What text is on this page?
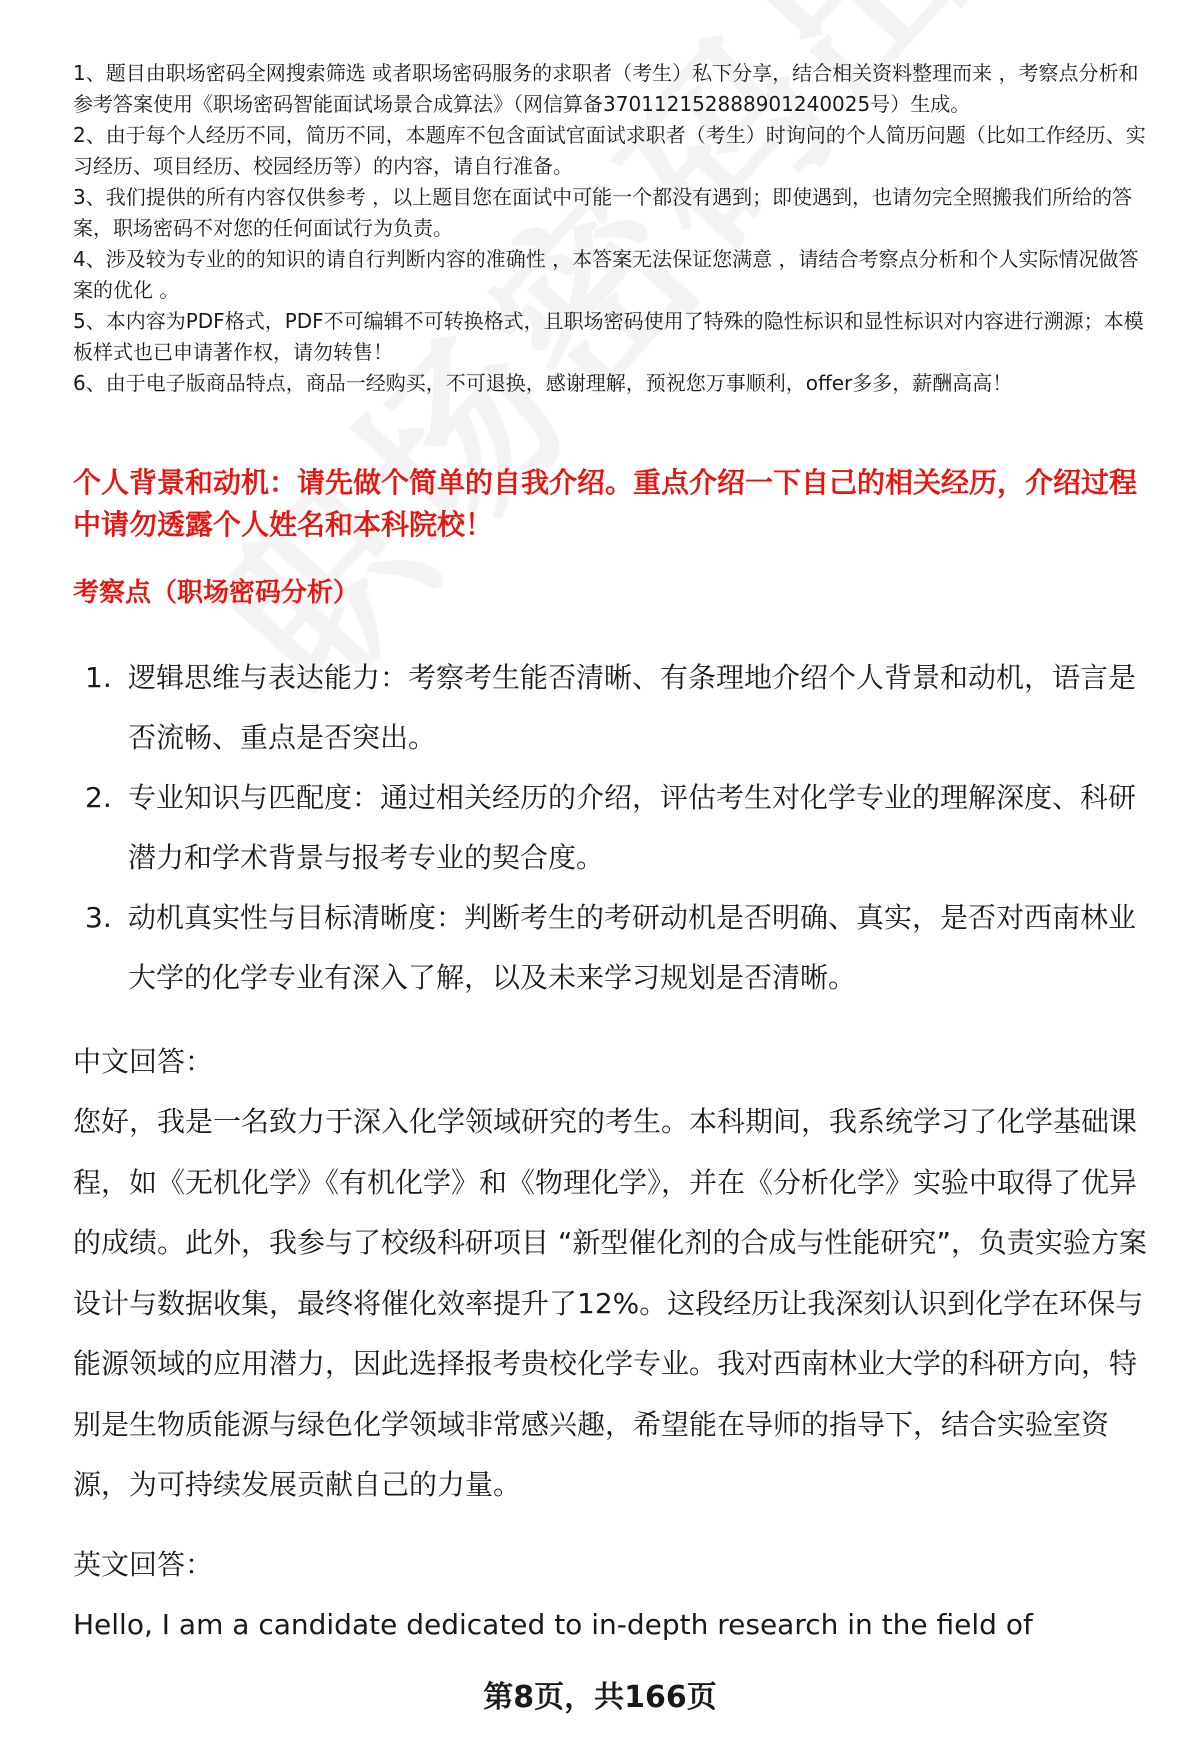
1、题目由职场密码全网搜索筛选 或者职场密码服务的求职者（考生）私下分享，结合相关资料整理而来 ，考察点分析和参考答案使用《职场密码智能面试场景合成算法》（网信算备370112152888901240025号）生成。

2、由于每个人经历不同，简历不同，本题库不包含面试官面试求职者（考生）时询问的个人简历问题（比如工作经历、实习经历、项目经历、校园经历等）的内容，请自行准备。

3、我们提供的所有内容仅供参考 ，以上题目您在面试中可能一个都没有遇到；即使遇到，也请勿完全照搬我们所给的答案，职场密码不对您的任何面试行为负责。

4、涉及较为专业的的知识的请自行判断内容的准确性 ，本答案无法保证您满意 ，请结合考察点分析和个人实际情况做答案的优化 。

5、本内容为PDF格式，PDF不可编辑不可转换格式，且职场密码使用了特殊的隐性标识和显性标识对内容进行溯源；本模板样式也已申请著作权，请勿转售！

6、由于电子版商品特点，商品一经购买，不可退换，感谢理解，预祝您万事顺利，offer多多，薪酬高高！

个人背景和动机：请先做个简单的自我介绍。重点介绍一下自己的相关经历，介绍过程中请勿透露个人姓名和本科院校！
考察点（职场密码分析）
1. 逻辑思维与表达能力：考察考生能否清晰、有条理地介绍个人背景和动机，语言是否流畅、重点是否突出。
2. 专业知识与匹配度：通过相关经历的介绍，评估考生对化学专业的理解深度、科研潜力和学术背景与报考专业的契合度。
3. 动机真实性与目标清晰度：判断考生的考研动机是否明确、真实，是否对西南林业大学的化学专业有深入了解，以及未来学习规划是否清晰。
中文回答：

您好，我是一名致力于深入化学领域研究的考生。本科期间，我系统学习了化学基础课程，如《无机化学》《有机化学》和《物理化学》，并在《分析化学》实验中取得了优异的成绩。此外，我参与了校级科研项目 “新型催化剂的合成与性能研究”，负责实验方案设计与数据收集，最终将催化效率提升了12%。这段经历让我深刻认识到化学在环保与能源领域的应用潜力，因此选择报考贵校化学专业。我对西南林业大学的科研方向，特别是生物质能源与绿色化学领域非常感兴趣，希望能在导师的指导下，结合实验室资源，为可持续发展贡献自己的力量。

英文回答：

Hello, I am a candidate dedicated to in-depth research in the field of

第8页，共166页
